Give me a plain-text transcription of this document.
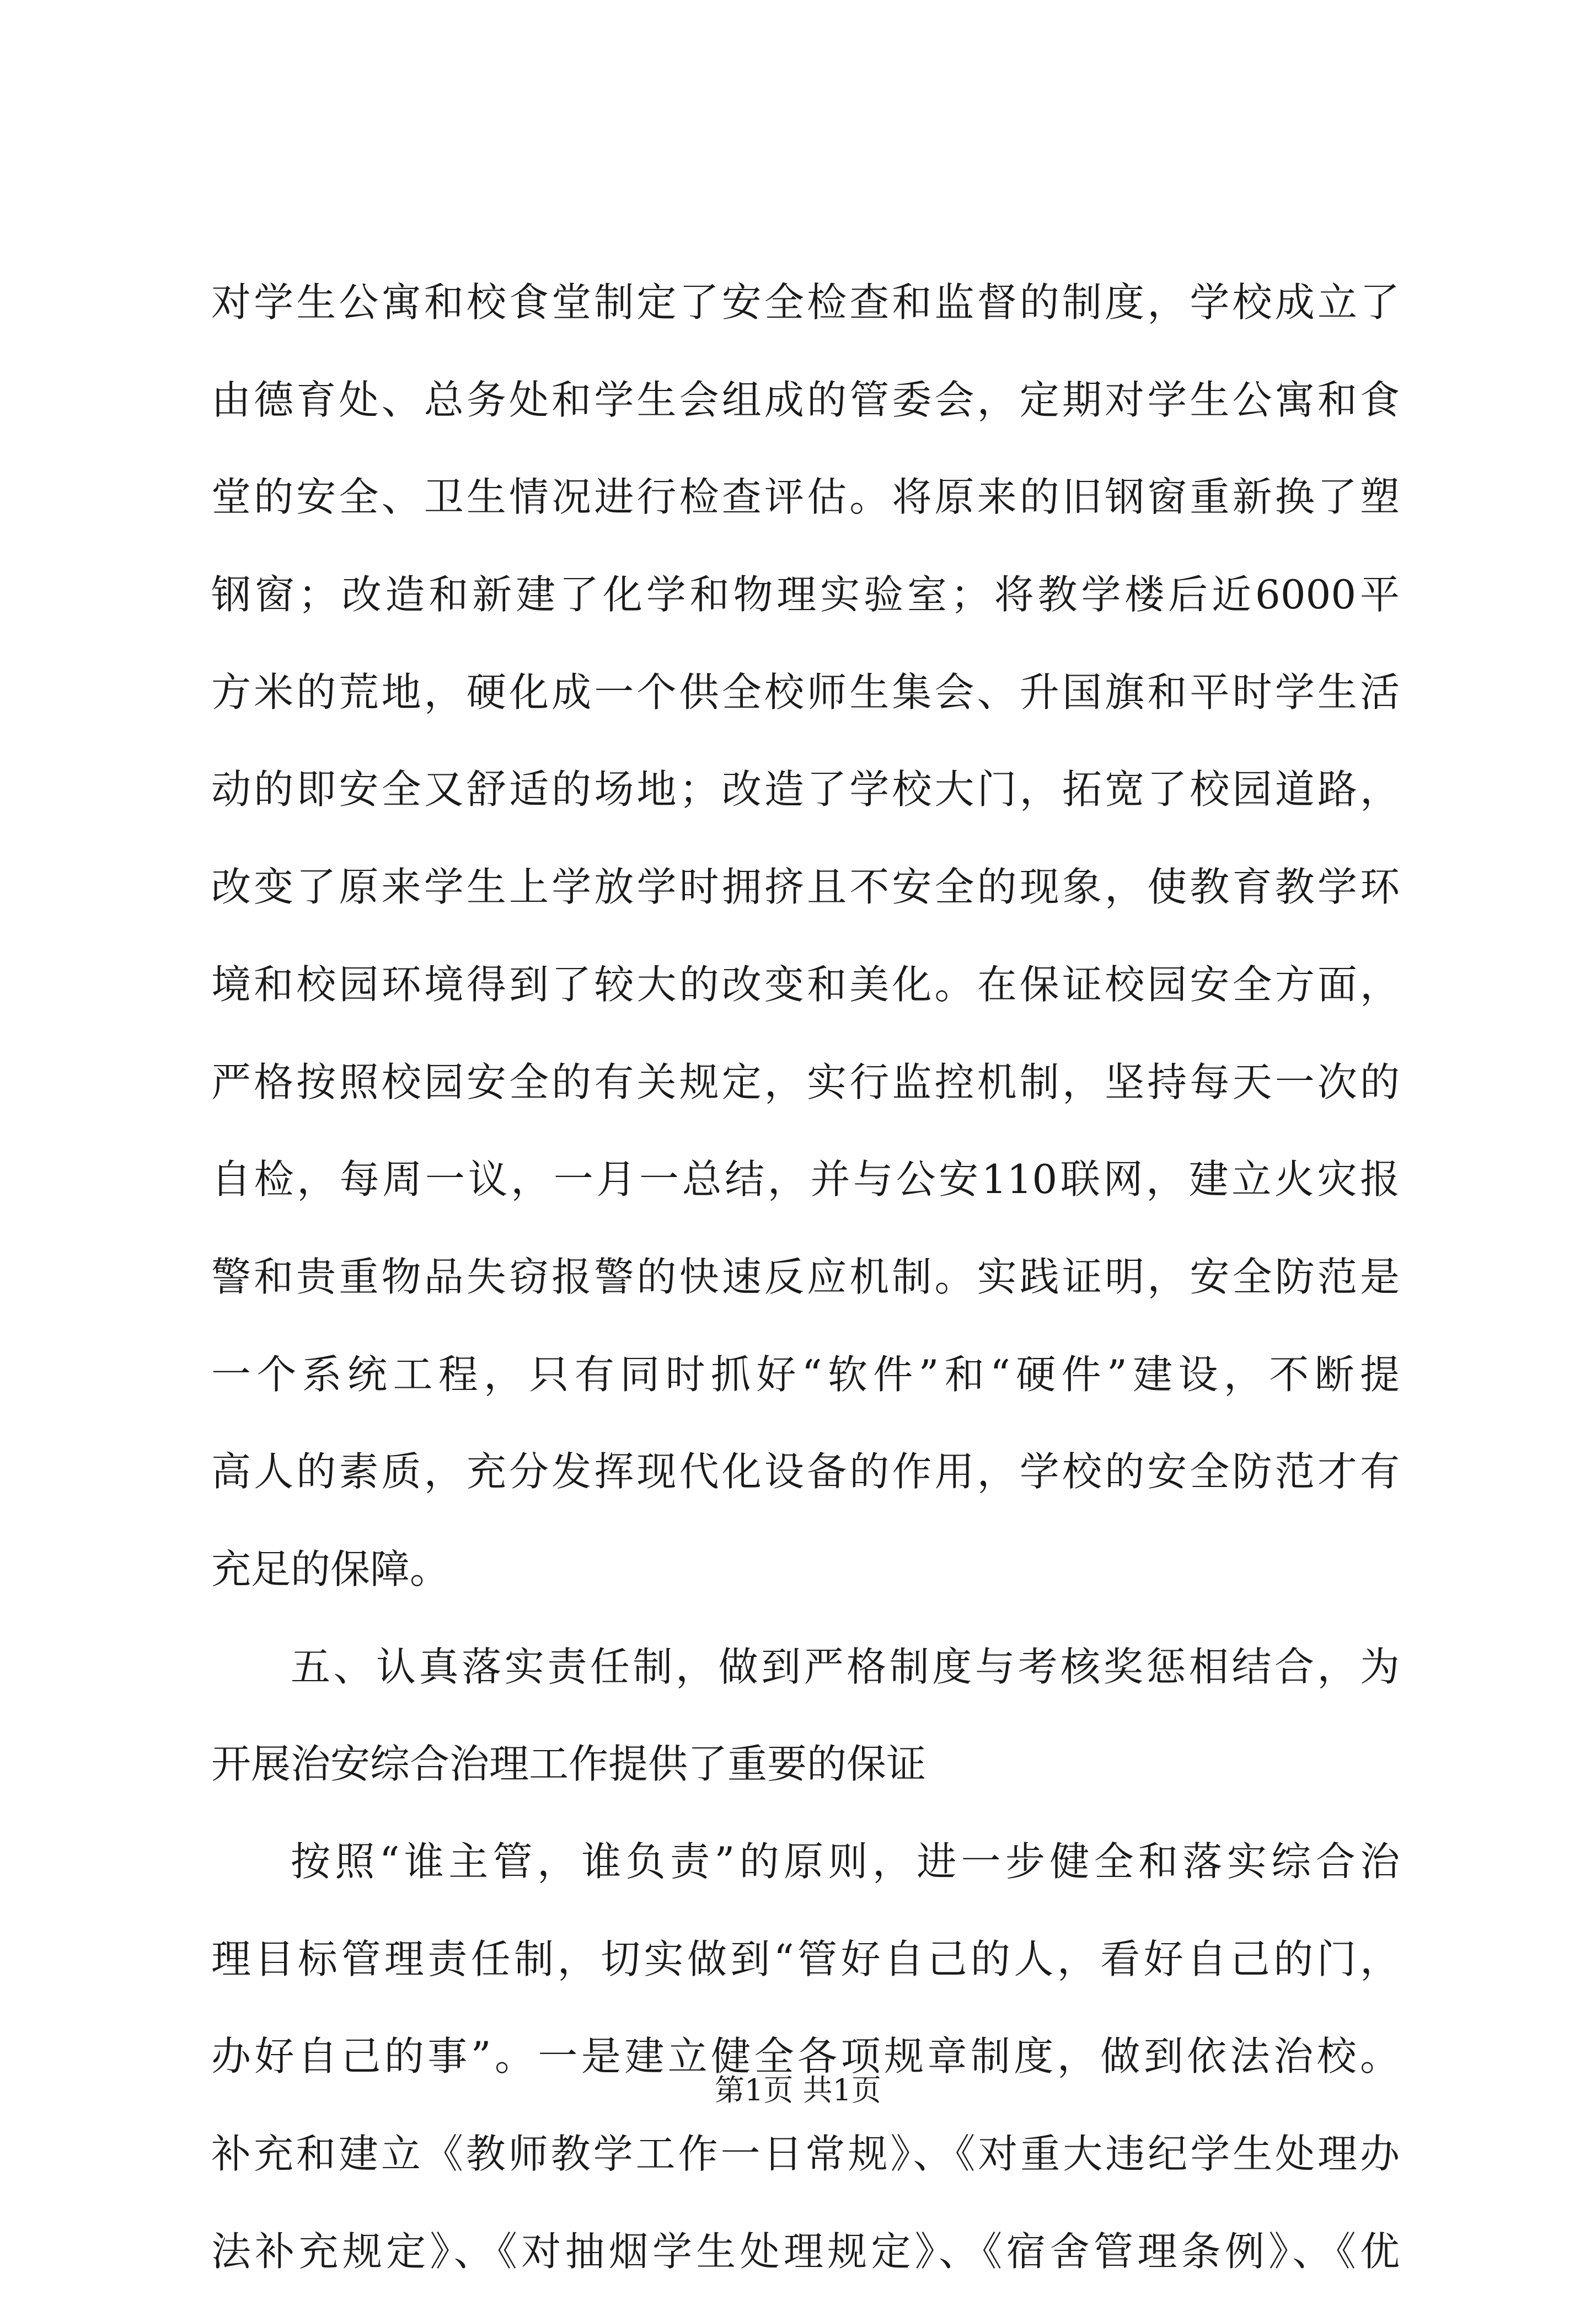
对学生公寓和校食堂制定了安全检查和监督的制度，学校成立了
由德育处、总务处和学生会组成的管委会，定期对学生公寓和食
堂的安全、卫生情况进行检查评估。将原来的旧钢窗重新换了塑
钢窗；改造和新建了化学和物理实验室；将教学楼后近6000平
方米的荒地，硬化成一个供全校师生集会、升国旗和平时学生活
动的即安全又舒适的场地；改造了学校大门，拓宽了校园道路，
改变了原来学生上学放学时拥挤且不安全的现象，使教育教学环
境和校园环境得到了较大的改变和美化。在保证校园安全方面，
严格按照校园安全的有关规定，实行监控机制，坚持每天一次的
自检，每周一议，一月一总结，并与公安110联网，建立火灾报
警和贵重物品失窃报警的快速反应机制。实践证明，安全防范是
一个系统工程，只有同时抓好“软件”和“硬件”建设，不断提
高人的素质，充分发挥现代化设备的作用，学校的安全防范才有
充足的保障。
五、认真落实责任制，做到严格制度与考核奖惩相结合，为
开展治安综合治理工作提供了重要的保证
按照“谁主管，谁负责”的原则，进一步健全和落实综合治
理目标管理责任制，切实做到“管好自己的人，看好自己的门，
办好自己的事”。一是建立健全各项规章制度，做到依法治校。
补充和建立《教师教学工作一日常规》、《对重大违纪学生处理办
法补充规定》、《对抽烟学生处理规定》、《宿舍管理条例》、《优
第1页 共1页
